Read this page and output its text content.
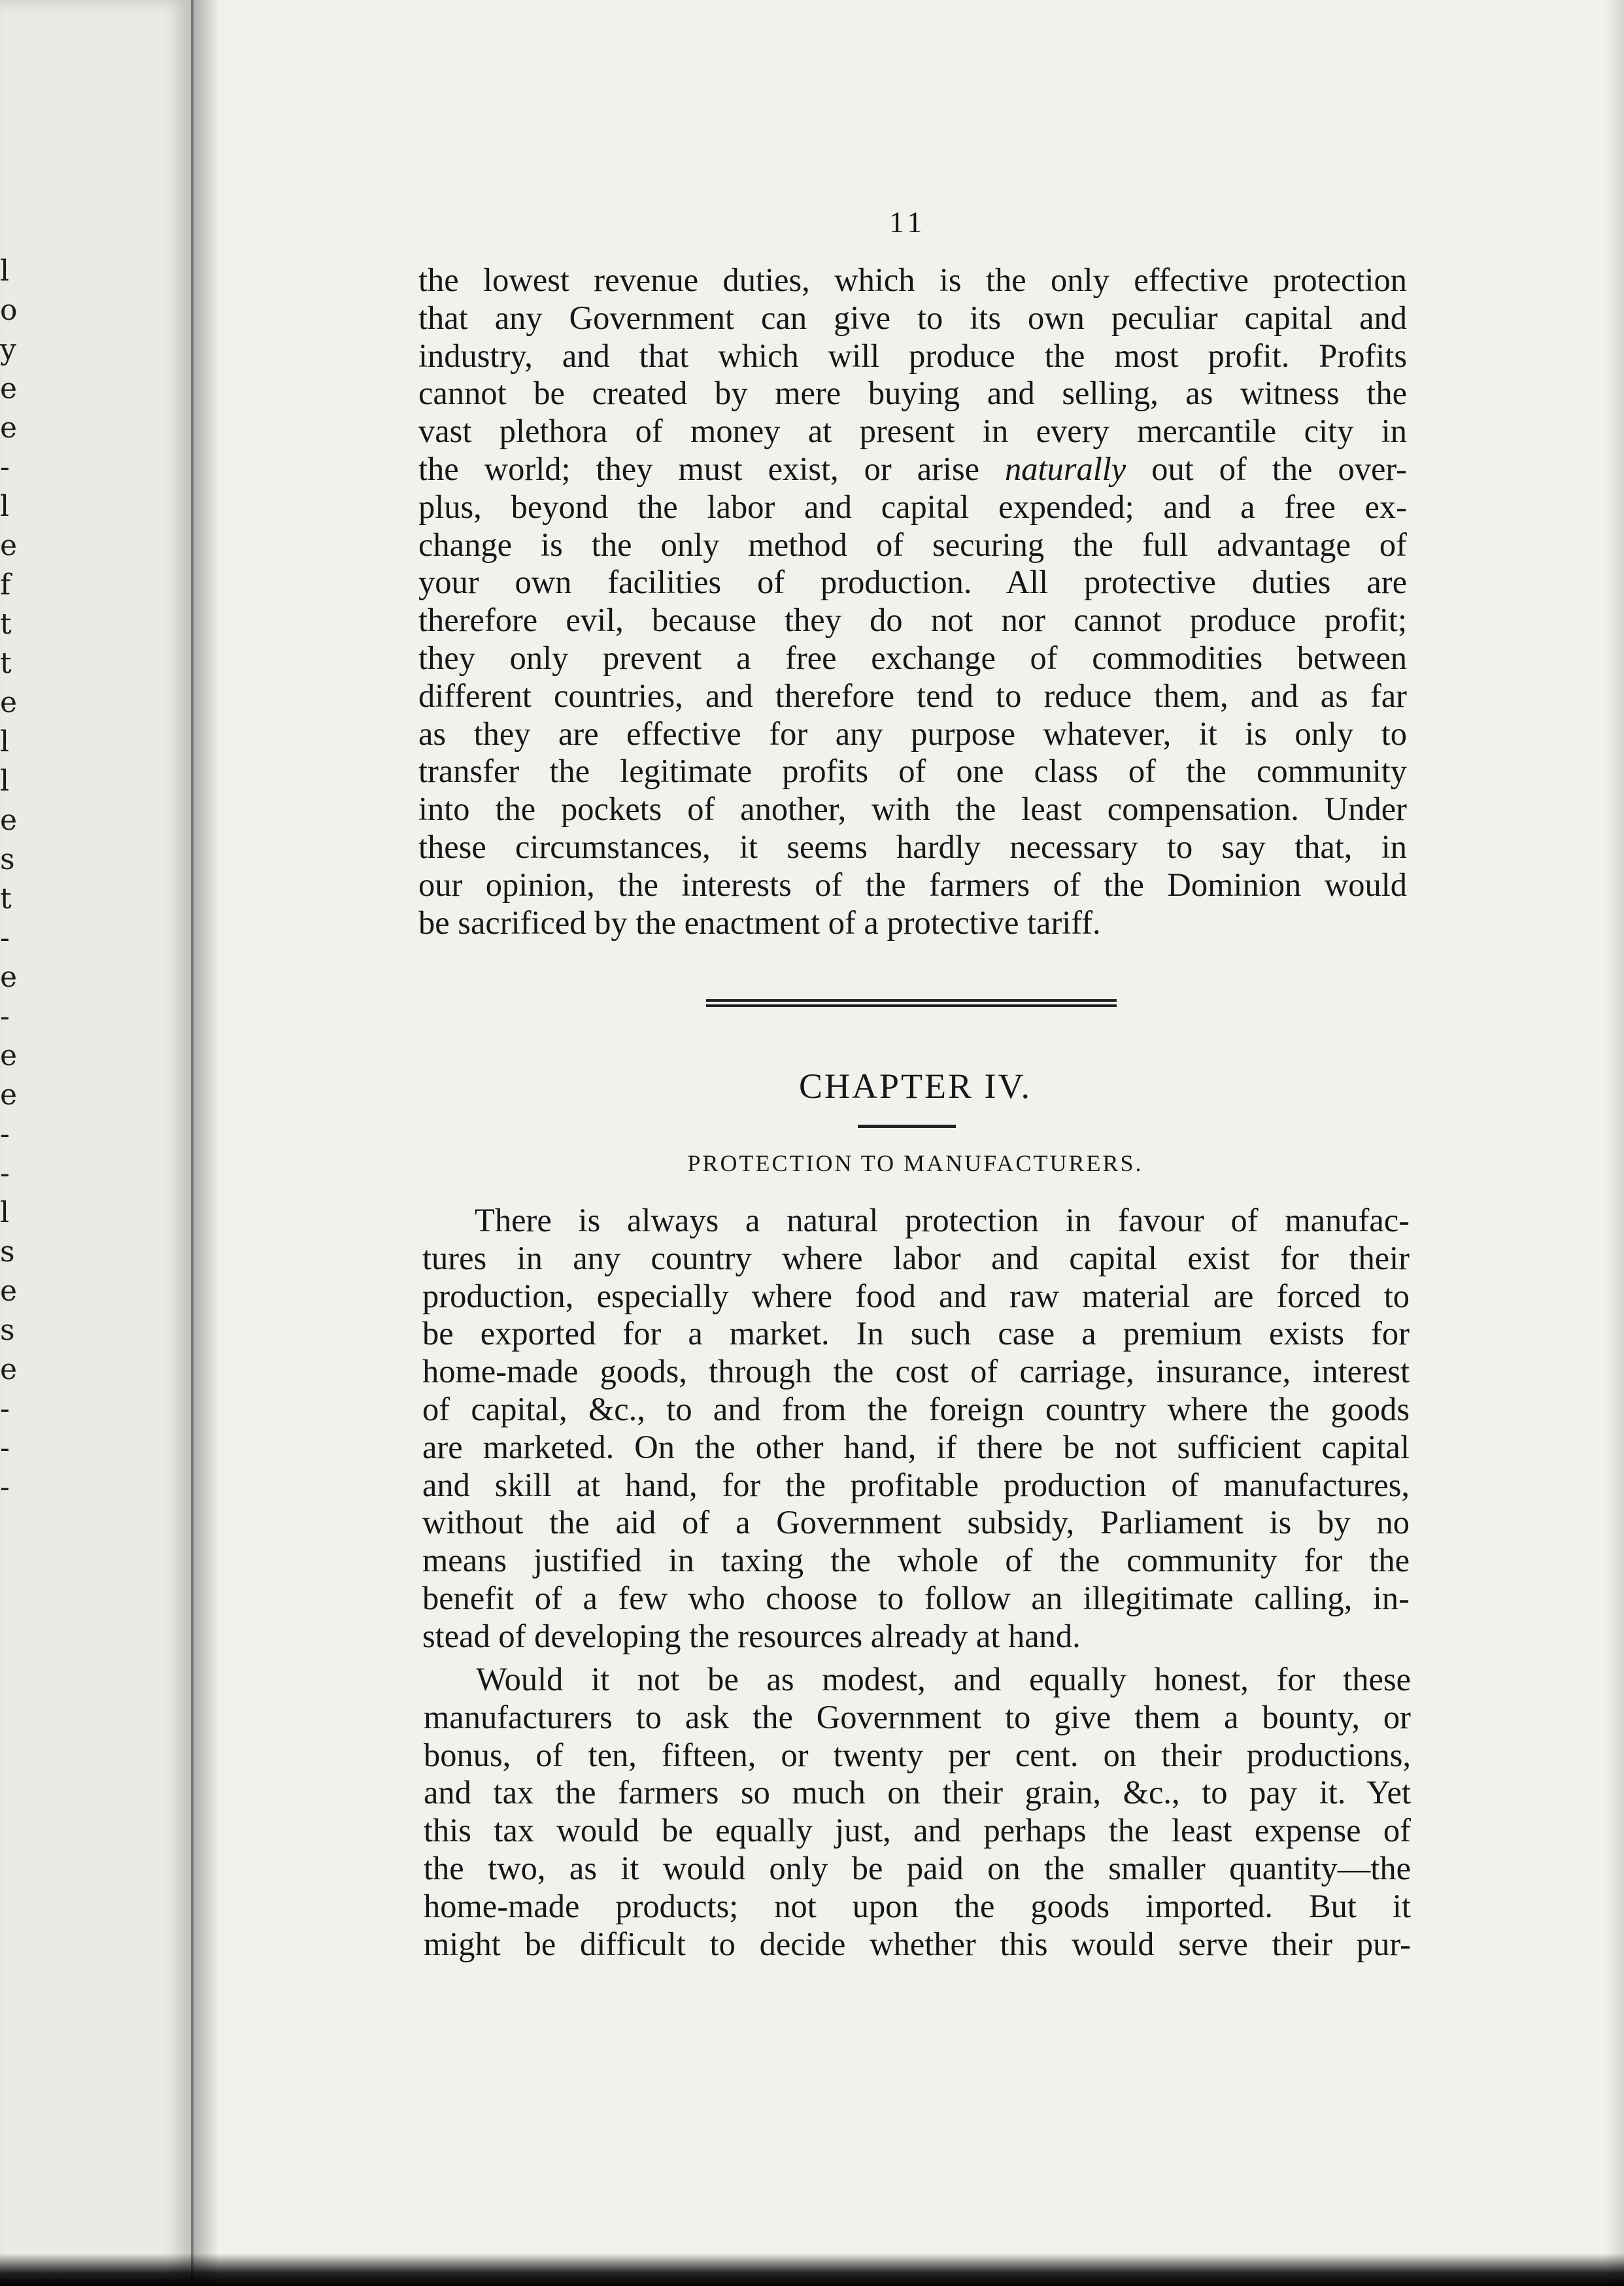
l
o
y
e
e
-
l
e
f
t
t
e
l
l
e
s
t
-
e
-
e
e
-
-
l
s
e
s
e
-
-
-
11
the lowest revenue duties, which is the only effective protection
that any Government can give to its own peculiar capital and
industry, and that which will produce the most profit. Profits
cannot be created by mere buying and selling, as witness the
vast plethora of money at present in every mercantile city in
the world; they must exist, or arise naturally out of the over-
plus, beyond the labor and capital expended; and a free ex-
change is the only method of securing the full advantage of
your own facilities of production. All protective duties are
therefore evil, because they do not nor cannot produce profit;
they only prevent a free exchange of commodities between
different countries, and therefore tend to reduce them, and as far
as they are effective for any purpose whatever, it is only to
transfer the legitimate profits of one class of the community
into the pockets of another, with the least compensation. Under
these circumstances, it seems hardly necessary to say that, in
our opinion, the interests of the farmers of the Dominion would
be sacrificed by the enactment of a protective tariff.
CHAPTER IV.
PROTECTION TO MANUFACTURERS.
There is always a natural protection in favour of manufac-
tures in any country where labor and capital exist for their
production, especially where food and raw material are forced to
be exported for a market. In such case a premium exists for
home-made goods, through the cost of carriage, insurance, interest
of capital, &c., to and from the foreign country where the goods
are marketed. On the other hand, if there be not sufficient capital
and skill at hand, for the profitable production of manufactures,
without the aid of a Government subsidy, Parliament is by no
means justified in taxing the whole of the community for the
benefit of a few who choose to follow an illegitimate calling, in-
stead of developing the resources already at hand.
Would it not be as modest, and equally honest, for these
manufacturers to ask the Government to give them a bounty, or
bonus, of ten, fifteen, or twenty per cent. on their productions,
and tax the farmers so much on their grain, &c., to pay it. Yet
this tax would be equally just, and perhaps the least expense of
the two, as it would only be paid on the smaller quantity—the
home-made products; not upon the goods imported. But it
might be difficult to decide whether this would serve their pur-
